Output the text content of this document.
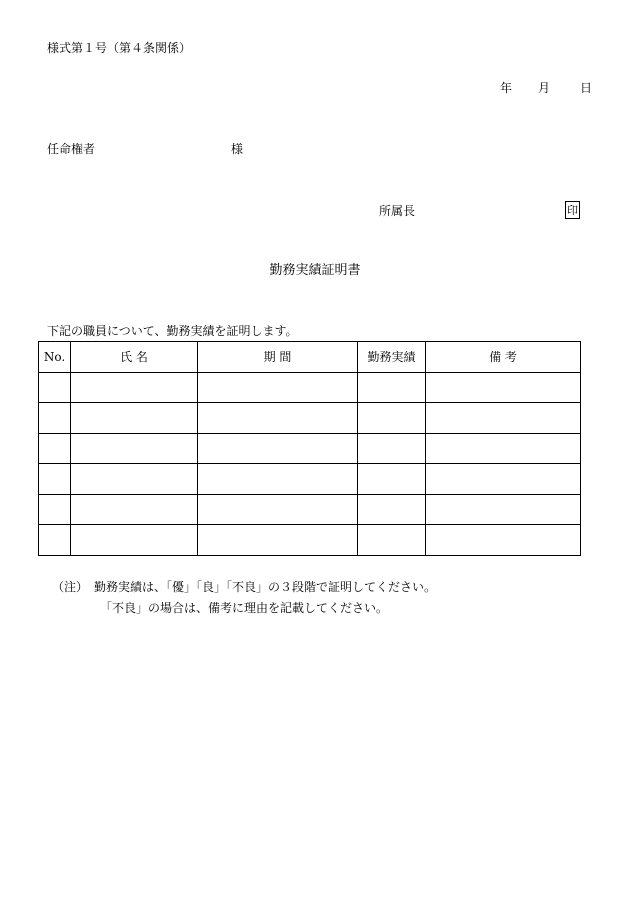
様式第１号（第４条関係）
年 月 日
任命権者	様
所属長	印
勤務実績証明書
下記の職員について、勤務実績を証明します。
No.	氏 名	期 間	勤務実績	備 考

（注） 勤務実績は、「優」「良」「不良」の３段階で証明してください。
「不良」の場合は、備考に理由を記載してください。
